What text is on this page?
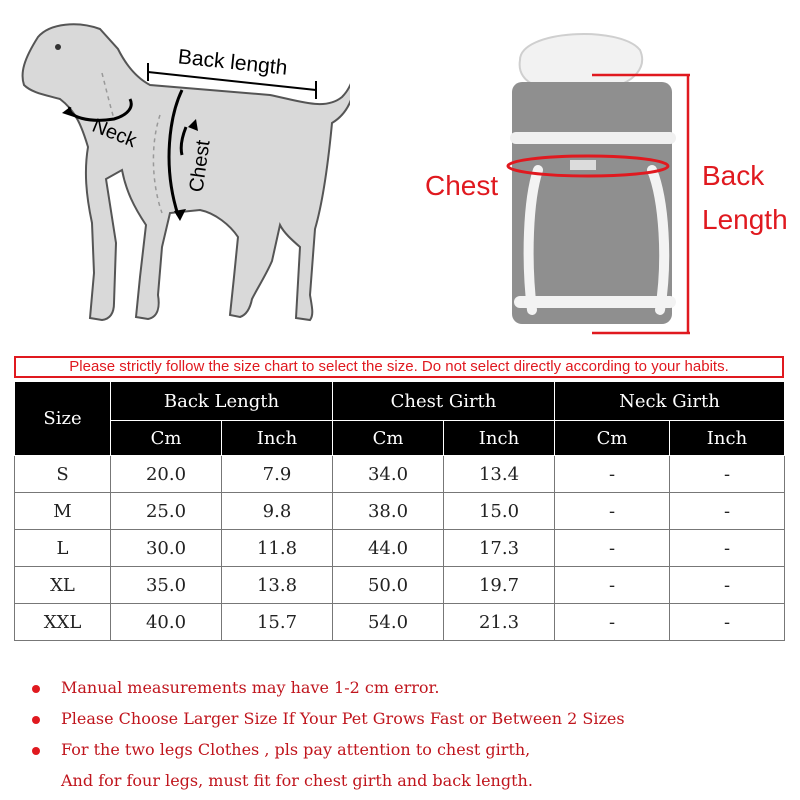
Back length
Neck
Chest	Chest	Back
Length
Please strictly follow the size chart to select the size. Do not select directly according to your habits.
Size	Back Length		Chest Girth		Neck Girth	
	Cm	Inch	Cm	Inch	Cm	Inch
S	20.0	7.9	34.0	13.4	-	-
M	25.0	9.8	38.0	15.0	-	-
L	30.0	11.8	44.0	17.3	-	-
XL	35.0	13.8	50.0	19.7	-	-
XXL	40.0	15.7	54.0	21.3	-	-
Manual measurements may have 1-2 cm error.
Please Choose Larger Size If Your Pet Grows Fast or Between 2 Sizes
For the two legs Clothes , pls pay attention to chest girth,
And for four legs, must fit for chest girth and back length.
